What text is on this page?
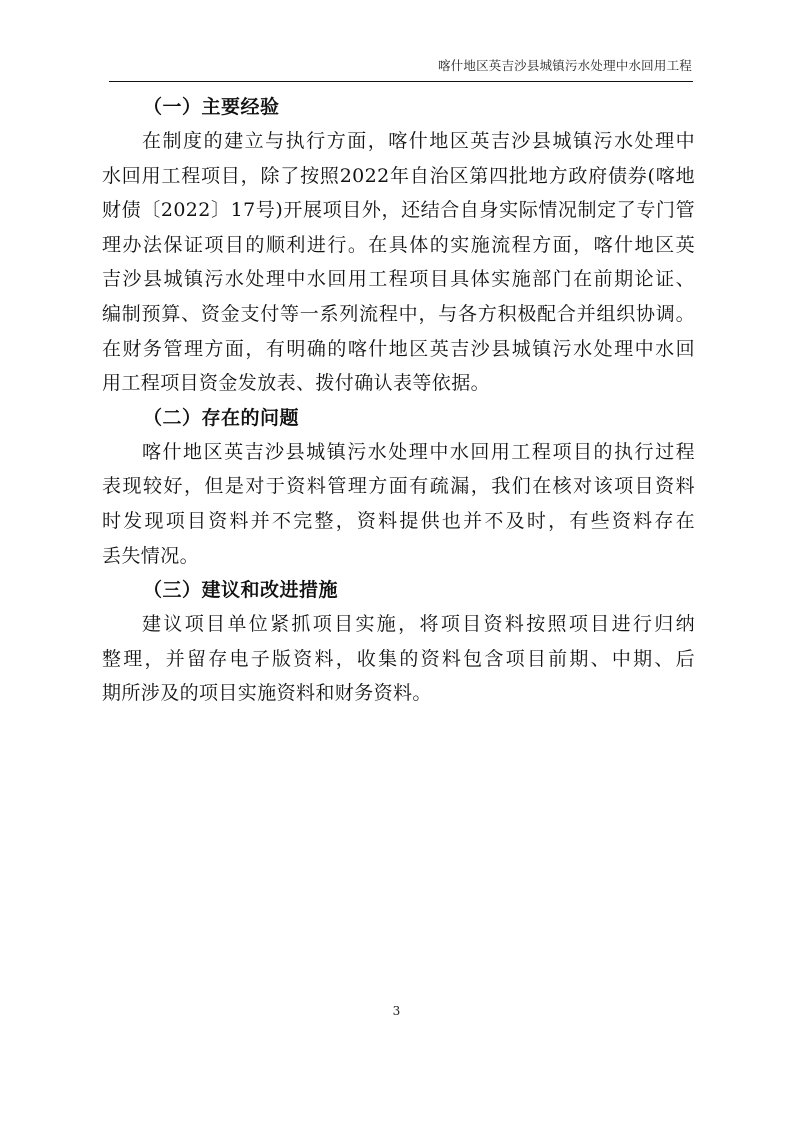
喀什地区英吉沙县城镇污水处理中水回用工程
（一）主要经验
在制度的建立与执行方面，喀什地区英吉沙县城镇污水处理中
水回用工程项目，除了按照2022年自治区第四批地方政府债券(喀地
财债〔2022〕17号)开展项目外，还结合自身实际情况制定了专门管
理办法保证项目的顺利进行。在具体的实施流程方面，喀什地区英
吉沙县城镇污水处理中水回用工程项目具体实施部门在前期论证、
编制预算、资金支付等一系列流程中，与各方积极配合并组织协调。
在财务管理方面，有明确的喀什地区英吉沙县城镇污水处理中水回
用工程项目资金发放表、拨付确认表等依据。
（二）存在的问题
喀什地区英吉沙县城镇污水处理中水回用工程项目的执行过程
表现较好，但是对于资料管理方面有疏漏，我们在核对该项目资料
时发现项目资料并不完整，资料提供也并不及时，有些资料存在
丢失情况。
（三）建议和改进措施
建议项目单位紧抓项目实施，将项目资料按照项目进行归纳
整理，并留存电子版资料，收集的资料包含项目前期、中期、后
期所涉及的项目实施资料和财务资料。
3
